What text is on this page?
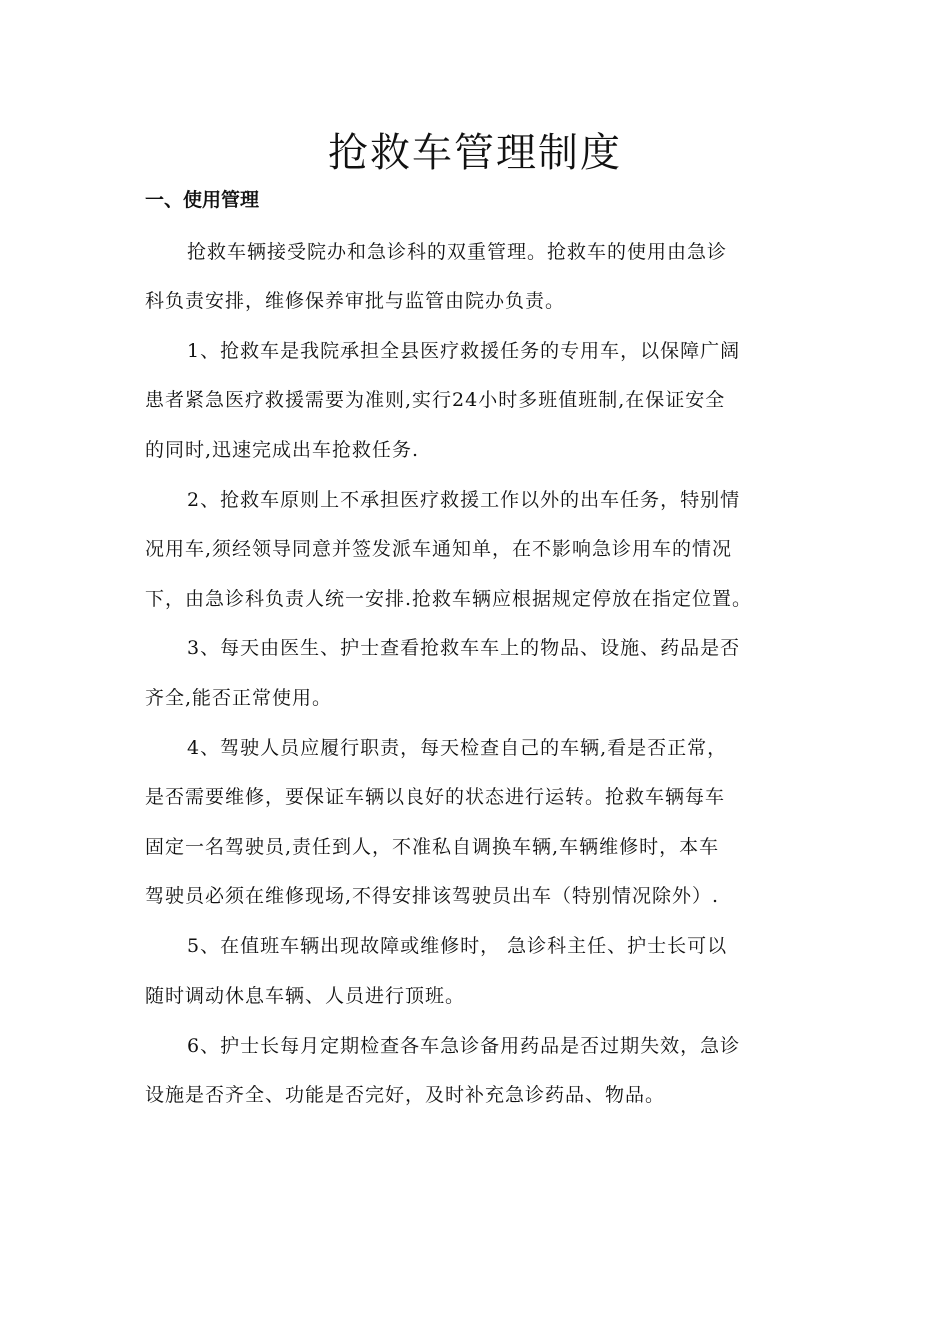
抢救车管理制度
一、使用管理

抢救车辆接受院办和急诊科的双重管理。抢救车的使用由急诊

科负责安排，维修保养审批与监管由院办负责。

1、抢救车是我院承担全县医疗救援任务的专用车，以保障广阔

患者紧急医疗救援需要为准则,实行24小时多班值班制,在保证安全

的同时,迅速完成出车抢救任务.

2、抢救车原则上不承担医疗救援工作以外的出车任务，特别情

况用车,须经领导同意并签发派车通知单，在不影响急诊用车的情况

下，由急诊科负责人统一安排.抢救车辆应根据规定停放在指定位置。

3、每天由医生、护士查看抢救车车上的物品、设施、药品是否

齐全,能否正常使用。

4、驾驶人员应履行职责，每天检查自己的车辆,看是否正常，

是否需要维修，要保证车辆以良好的状态进行运转。抢救车辆每车

固定一名驾驶员,责任到人，不准私自调换车辆,车辆维修时，本车

驾驶员必须在维修现场,不得安排该驾驶员出车（特别情况除外）.

5、在值班车辆出现故障或维修时， 急诊科主任、护士长可以

随时调动休息车辆、人员进行顶班。

6、护士长每月定期检查各车急诊备用药品是否过期失效，急诊

设施是否齐全、功能是否完好，及时补充急诊药品、物品。
